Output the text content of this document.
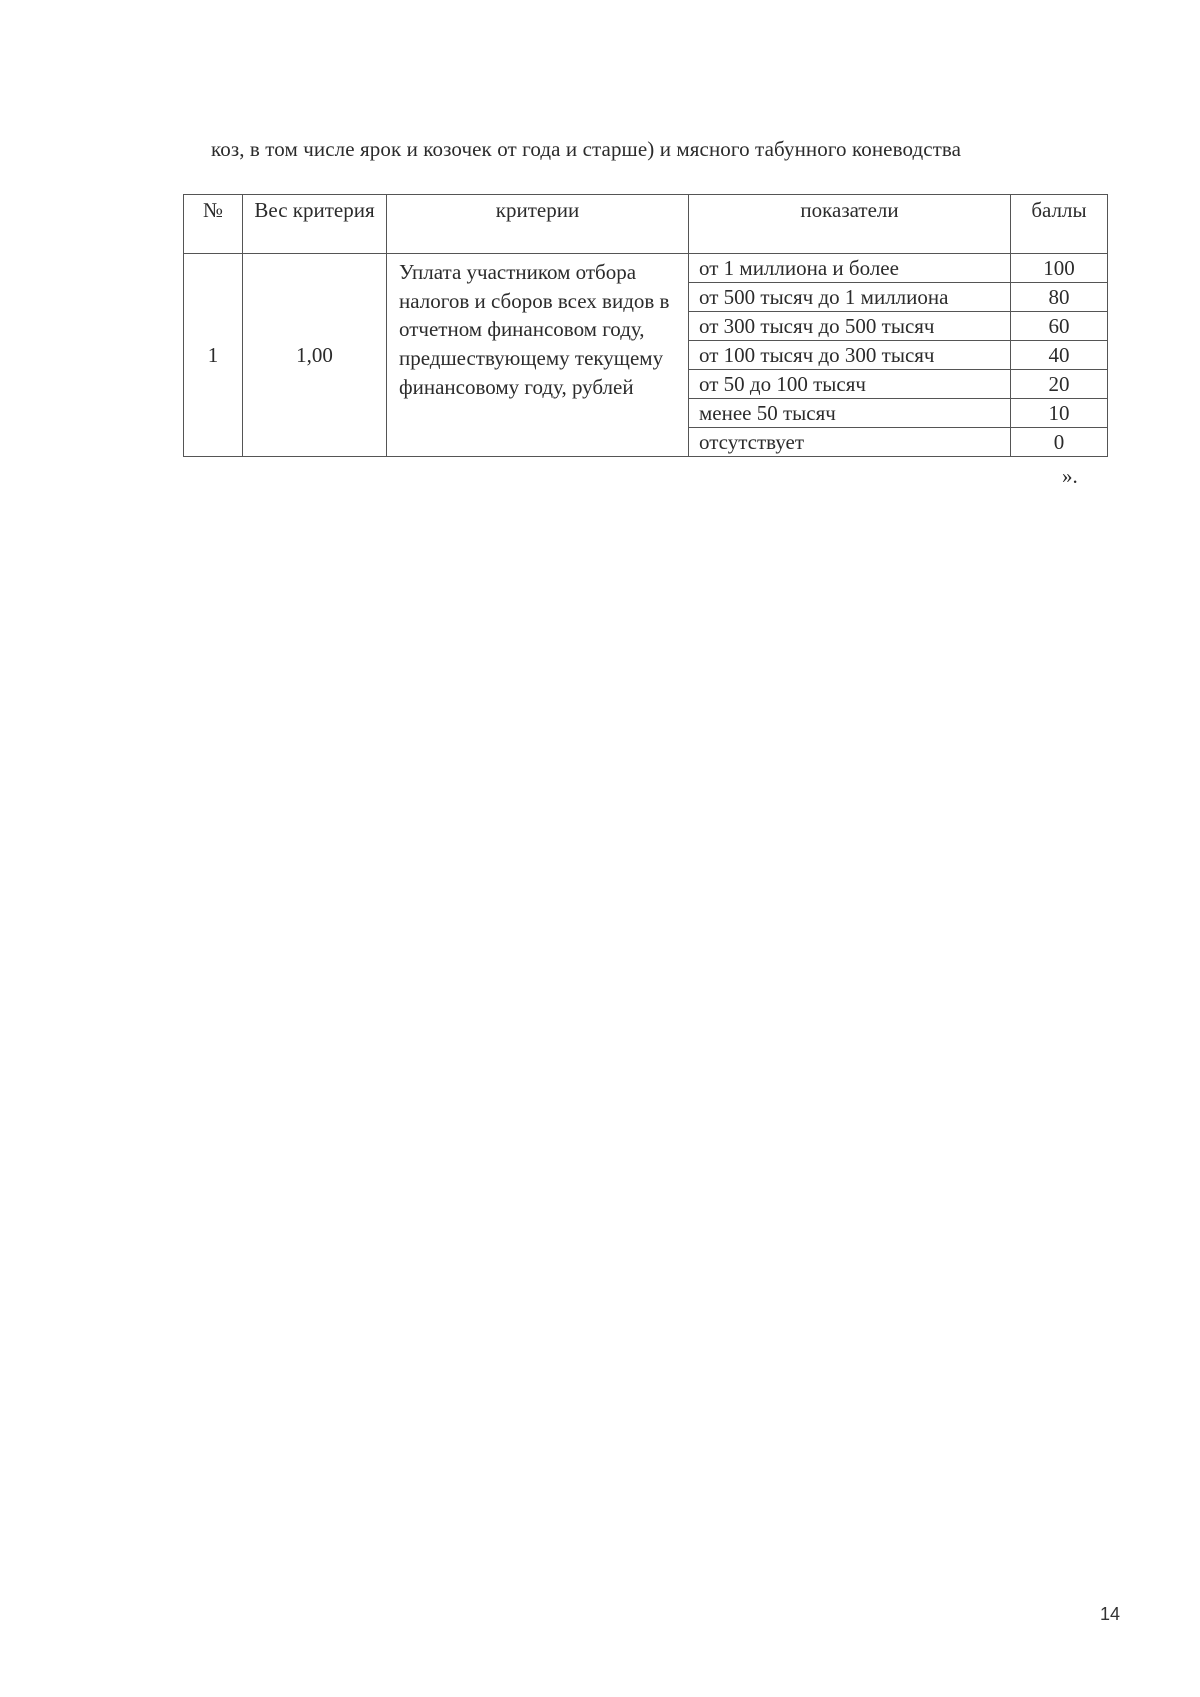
коз, в том числе ярок и козочек от года и старше) и мясного табунного коневодства
№	Вес критерия	критерии	показатели	баллы
1	1,00	Уплата участником отбора налогов и сборов всех видов в отчетном финансовом году, предшествующему текущему финансовому году, рублей	от 1 миллиона и более	100
			от 500 тысяч до 1 миллиона	80
			от 300 тысяч до 500 тысяч	60
			от 100 тысяч до 300 тысяч	40
			от 50 до 100 тысяч	20
			менее 50 тысяч	10
			отсутствует	0
».
14
